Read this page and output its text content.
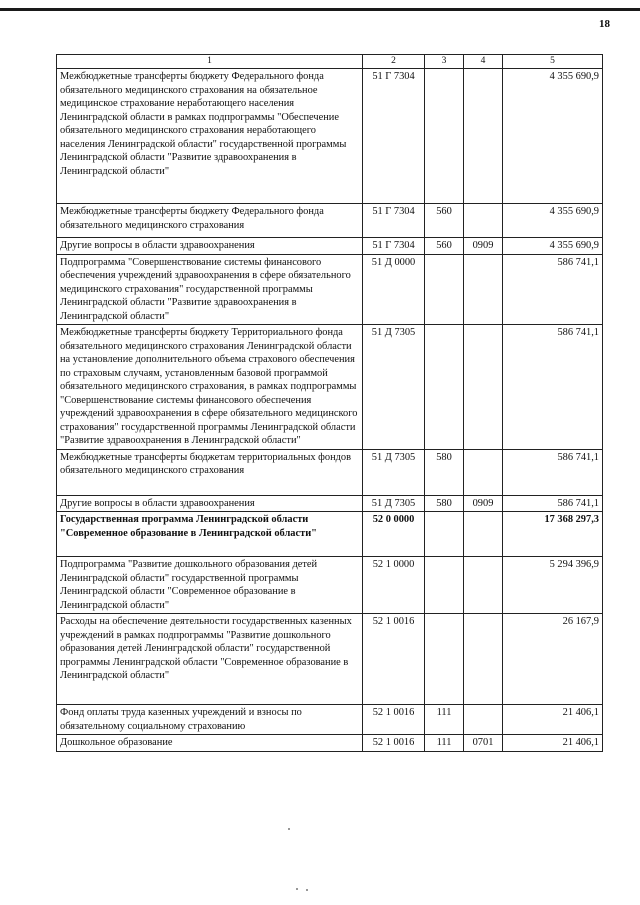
18
1	2	3	4	5
Межбюджетные трансферты бюджету Федерального фонда обязательного медицинского страхования на обязательное медицинское страхование неработающего населения Ленинградской области в рамках подпрограммы "Обеспечение обязательного медицинского страхования неработающего населения Ленинградской области" государственной программы Ленинградской области "Развитие здравоохранения в Ленинградской области"	51 Г 7304			4 355 690,9
Межбюджетные трансферты бюджету Федерального фонда обязательного медицинского страхования	51 Г 7304	560		4 355 690,9
Другие вопросы в области здравоохранения	51 Г 7304	560	0909	4 355 690,9
Подпрограмма "Совершенствование системы финансового обеспечения учреждений здравоохранения в сфере обязательного медицинского страхования" государственной программы Ленинградской области "Развитие здравоохранения в Ленинградской области"	51 Д 0000			586 741,1
Межбюджетные трансферты бюджету Территориального фонда обязательного медицинского страхования Ленинградской области на установление дополнительного объема страхового обеспечения по страховым случаям, установленным базовой программой обязательного медицинского страхования, в рамках подпрограммы "Совершенствование системы финансового обеспечения учреждений здравоохранения в сфере обязательного медицинского страхования" государственной программы Ленинградской области "Развитие здравоохранения в Ленинградской области"	51 Д 7305			586 741,1
Межбюджетные трансферты бюджетам территориальных фондов обязательного медицинского страхования	51 Д 7305	580		586 741,1
Другие вопросы в области здравоохранения	51 Д 7305	580	0909	586 741,1
Государственная программа Ленинградской области "Современное образование в Ленинградской области"	52 0 0000			17 368 297,3
Подпрограмма "Развитие дошкольного образования детей Ленинградской области" государственной программы Ленинградской области "Современное образование в Ленинградской области"	52 1 0000			5 294 396,9
Расходы на обеспечение деятельности государственных казенных учреждений в рамках подпрограммы "Развитие дошкольного образования детей Ленинградской области" государственной программы Ленинградской области "Современное образование в Ленинградской области"	52 1 0016			26 167,9
Фонд оплаты труда казенных учреждений и взносы по обязательному социальному страхованию	52 1 0016	111		21 406,1
Дошкольное образование	52 1 0016	111	0701	21 406,1
